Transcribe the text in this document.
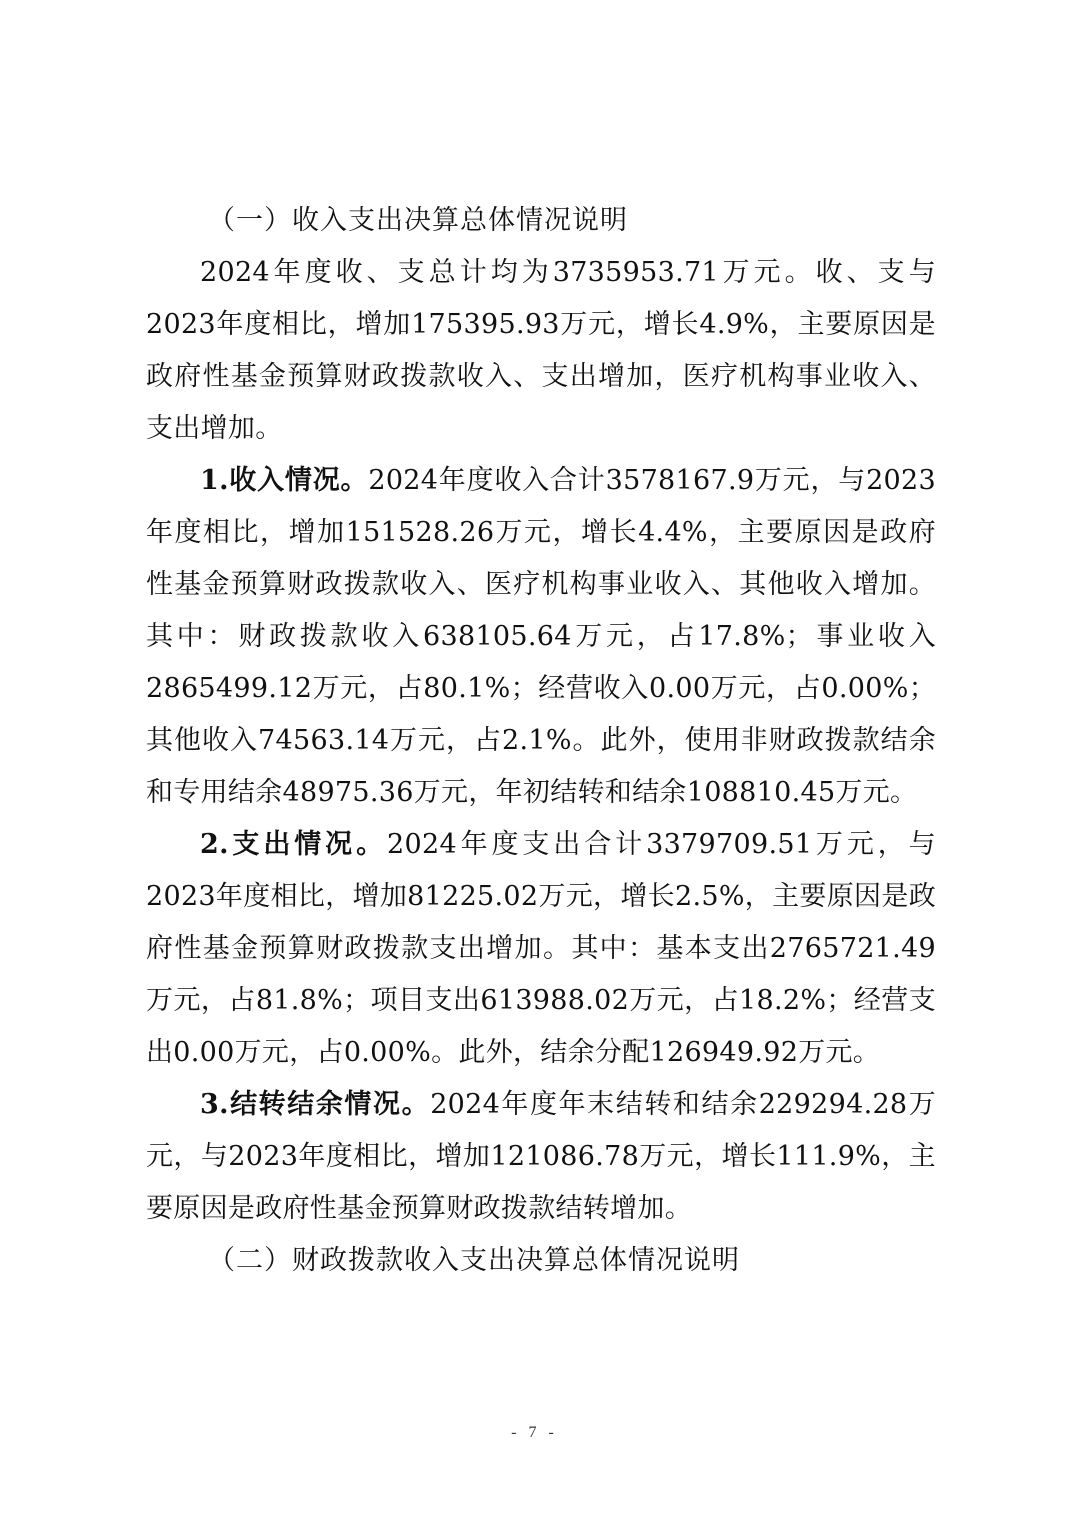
（一）收入支出决算总体情况说明

2024年度收、支总计均为3735953.71万元。收、支与2023年度相比，增加175395.93万元，增长4.9%，主要原因是政府性基金预算财政拨款收入、支出增加，医疗机构事业收入、支出增加。

1.收入情况。2024年度收入合计3578167.9万元，与2023年度相比，增加151528.26万元，增长4.4%，主要原因是政府性基金预算财政拨款收入、医疗机构事业收入、其他收入增加。其中：财政拨款收入638105.64万元，占17.8%；事业收入2865499.12万元，占80.1%；经营收入0.00万元，占0.00%；其他收入74563.14万元，占2.1%。此外，使用非财政拨款结余和专用结余48975.36万元，年初结转和结余108810.45万元。

2.支出情况。2024年度支出合计3379709.51万元，与2023年度相比，增加81225.02万元，增长2.5%，主要原因是政府性基金预算财政拨款支出增加。其中：基本支出2765721.49万元，占81.8%；项目支出613988.02万元，占18.2%；经营支出0.00万元，占0.00%。此外，结余分配126949.92万元。

3.结转结余情况。2024年度年末结转和结余229294.28万元，与2023年度相比，增加121086.78万元，增长111.9%，主要原因是政府性基金预算财政拨款结转增加。

（二）财政拨款收入支出决算总体情况说明

- 7 -
